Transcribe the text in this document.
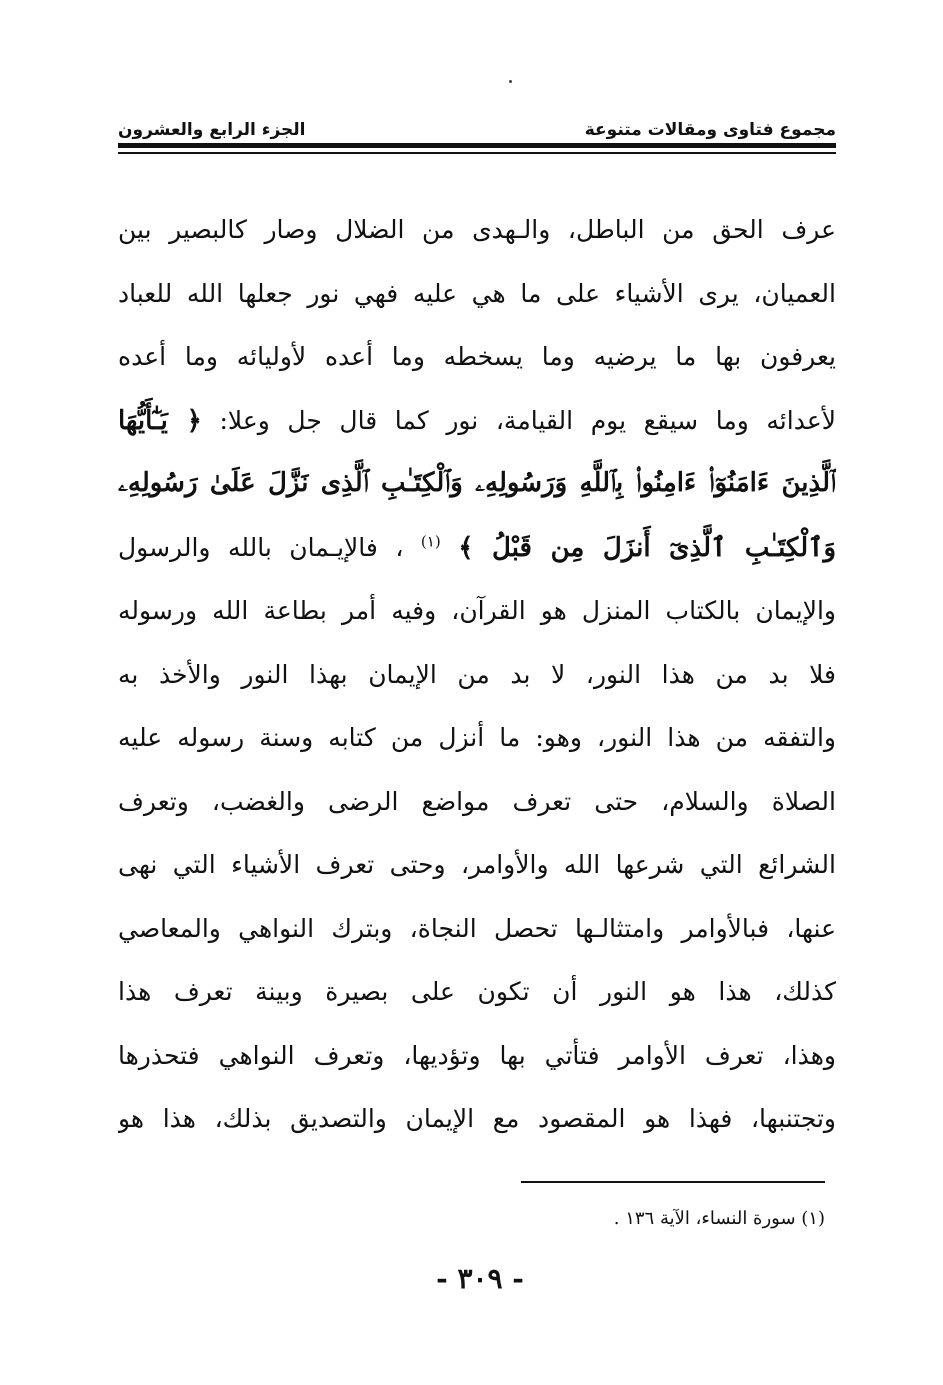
مجموع فتاوى ومقالات متنوعة
الجزء الرابع والعشرون
عرف الحق من الباطل، والـهدى من الضلال وصار كالبصير بين
العميان، يرى الأشياء على ما هي عليه فهي نور جعلها الله للعباد
يعرفون بها ما يرضيه وما يسخطه وما أعده لأوليائه وما أعده
لأعدائه وما سيقع يوم القيامة، نور كما قال جل وعلا: ﴿ يَـٰٓأَيُّهَا
ٱلَّذِينَ ءَامَنُوٓا۟ ءَامِنُوا۟ بِٱللَّهِ وَرَسُولِهِۦ وَٱلْكِتَـٰبِ ٱلَّذِى نَزَّلَ عَلَىٰ رَسُولِهِۦ
وَٱلْكِتَـٰبِ ٱلَّذِىٓ أَنزَلَ مِن قَبْلُ ﴾ $^{(١)}$ ، فالإيـمان بالله والرسول
والإيمان بالكتاب المنزل هو القرآن، وفيه أمر بطاعة الله ورسوله
فلا بد من هذا النور، لا بد من الإيمان بهذا النور والأخذ به
والتفقه من هذا النور، وهو: ما أنزل من كتابه وسنة رسوله عليه
الصلاة والسلام، حتى تعرف مواضع الرضى والغضب، وتعرف
الشرائع التي شرعها الله والأوامر، وحتى تعرف الأشياء التي نهى
عنها، فبالأوامر وامتثالـها تحصل النجاة، وبترك النواهي والمعاصي
كذلك، هذا هو النور أن تكون على بصيرة وبينة تعرف هذا
وهذا، تعرف الأوامر فتأتي بها وتؤديها، وتعرف النواهي فتحذرها
وتجتنبها، فهذا هو المقصود مع الإيمان والتصديق بذلك، هذا هو
(١) سورة النساء، الآية ١٣٦ .
- ٣٠٩ -
